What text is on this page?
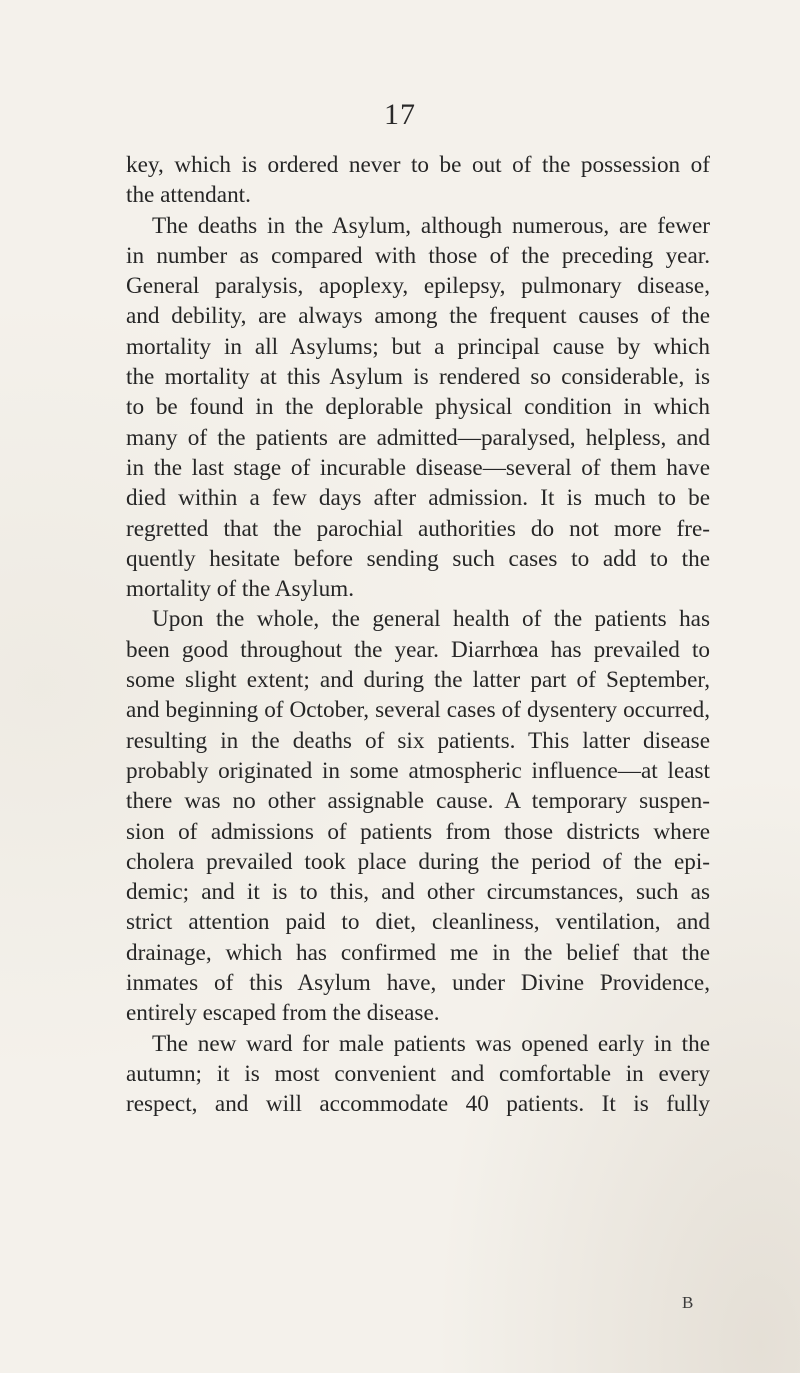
17
key, which is ordered never to be out of the possession of
the attendant.
The deaths in the Asylum, although numerous, are fewer
in number as compared with those of the preceding year.
General paralysis, apoplexy, epilepsy, pulmonary disease,
and debility, are always among the frequent causes of the
mortality in all Asylums; but a principal cause by which
the mortality at this Asylum is rendered so considerable, is
to be found in the deplorable physical condition in which
many of the patients are admitted—paralysed, helpless, and
in the last stage of incurable disease—several of them have
died within a few days after admission. It is much to be
regretted that the parochial authorities do not more fre-
quently hesitate before sending such cases to add to the
mortality of the Asylum.
Upon the whole, the general health of the patients has
been good throughout the year. Diarrhœa has prevailed to
some slight extent; and during the latter part of September,
and beginning of October, several cases of dysentery occurred,
resulting in the deaths of six patients. This latter disease
probably originated in some atmospheric influence—at least
there was no other assignable cause. A temporary suspen-
sion of admissions of patients from those districts where
cholera prevailed took place during the period of the epi-
demic; and it is to this, and other circumstances, such as
strict attention paid to diet, cleanliness, ventilation, and
drainage, which has confirmed me in the belief that the
inmates of this Asylum have, under Divine Providence,
entirely escaped from the disease.
The new ward for male patients was opened early in the
autumn; it is most convenient and comfortable in every
respect, and will accommodate 40 patients. It is fully
B
